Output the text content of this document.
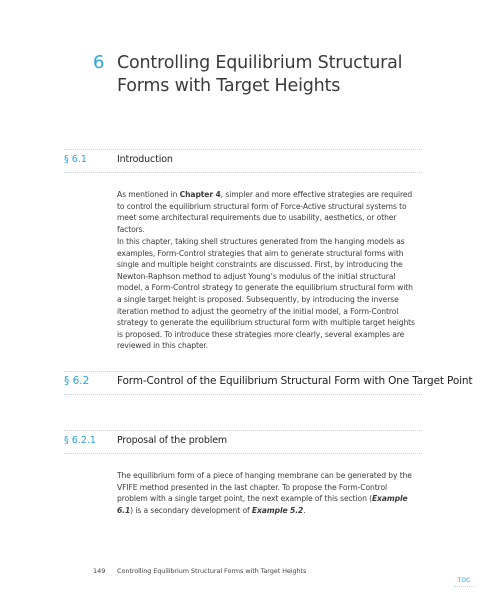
6 Controlling Equilibrium Structural Forms with Target Heights
§ 6.1	Introduction

As mentioned in Chapter 4, simpler and more effective strategies are required to control the equilibrium structural form of Force-Active structural systems to meet some architectural requirements due to usability, aesthetics, or other factors.

In this chapter, taking shell structures generated from the hanging models as examples, Form-Control strategies that aim to generate structural forms with single and multiple height constraints are discussed. First, by introducing the Newton-Raphson method to adjust Young’s modulus of the initial structural model, a Form-Control strategy to generate the equilibrium structural form with a single target height is proposed. Subsequently, by introducing the inverse iteration method to adjust the geometry of the initial model, a Form-Control strategy to generate the equilibrium structural form with multiple target heights is proposed. To introduce these strategies more clearly, several examples are reviewed in this chapter.

§ 6.2	Form-Control of the Equilibrium Structural Form with One Target Point
§ 6.2.1 Proposal of the problem

The equilibrium form of a piece of hanging membrane can be generated by the VFIFE method presented in the last chapter. To propose the Form-Control problem with a single target point, the next example of this section (Example 6.1) is a secondary development of Example 5.2.

149 Controlling Equilibrium Structural Forms with Target Heights
TOC
